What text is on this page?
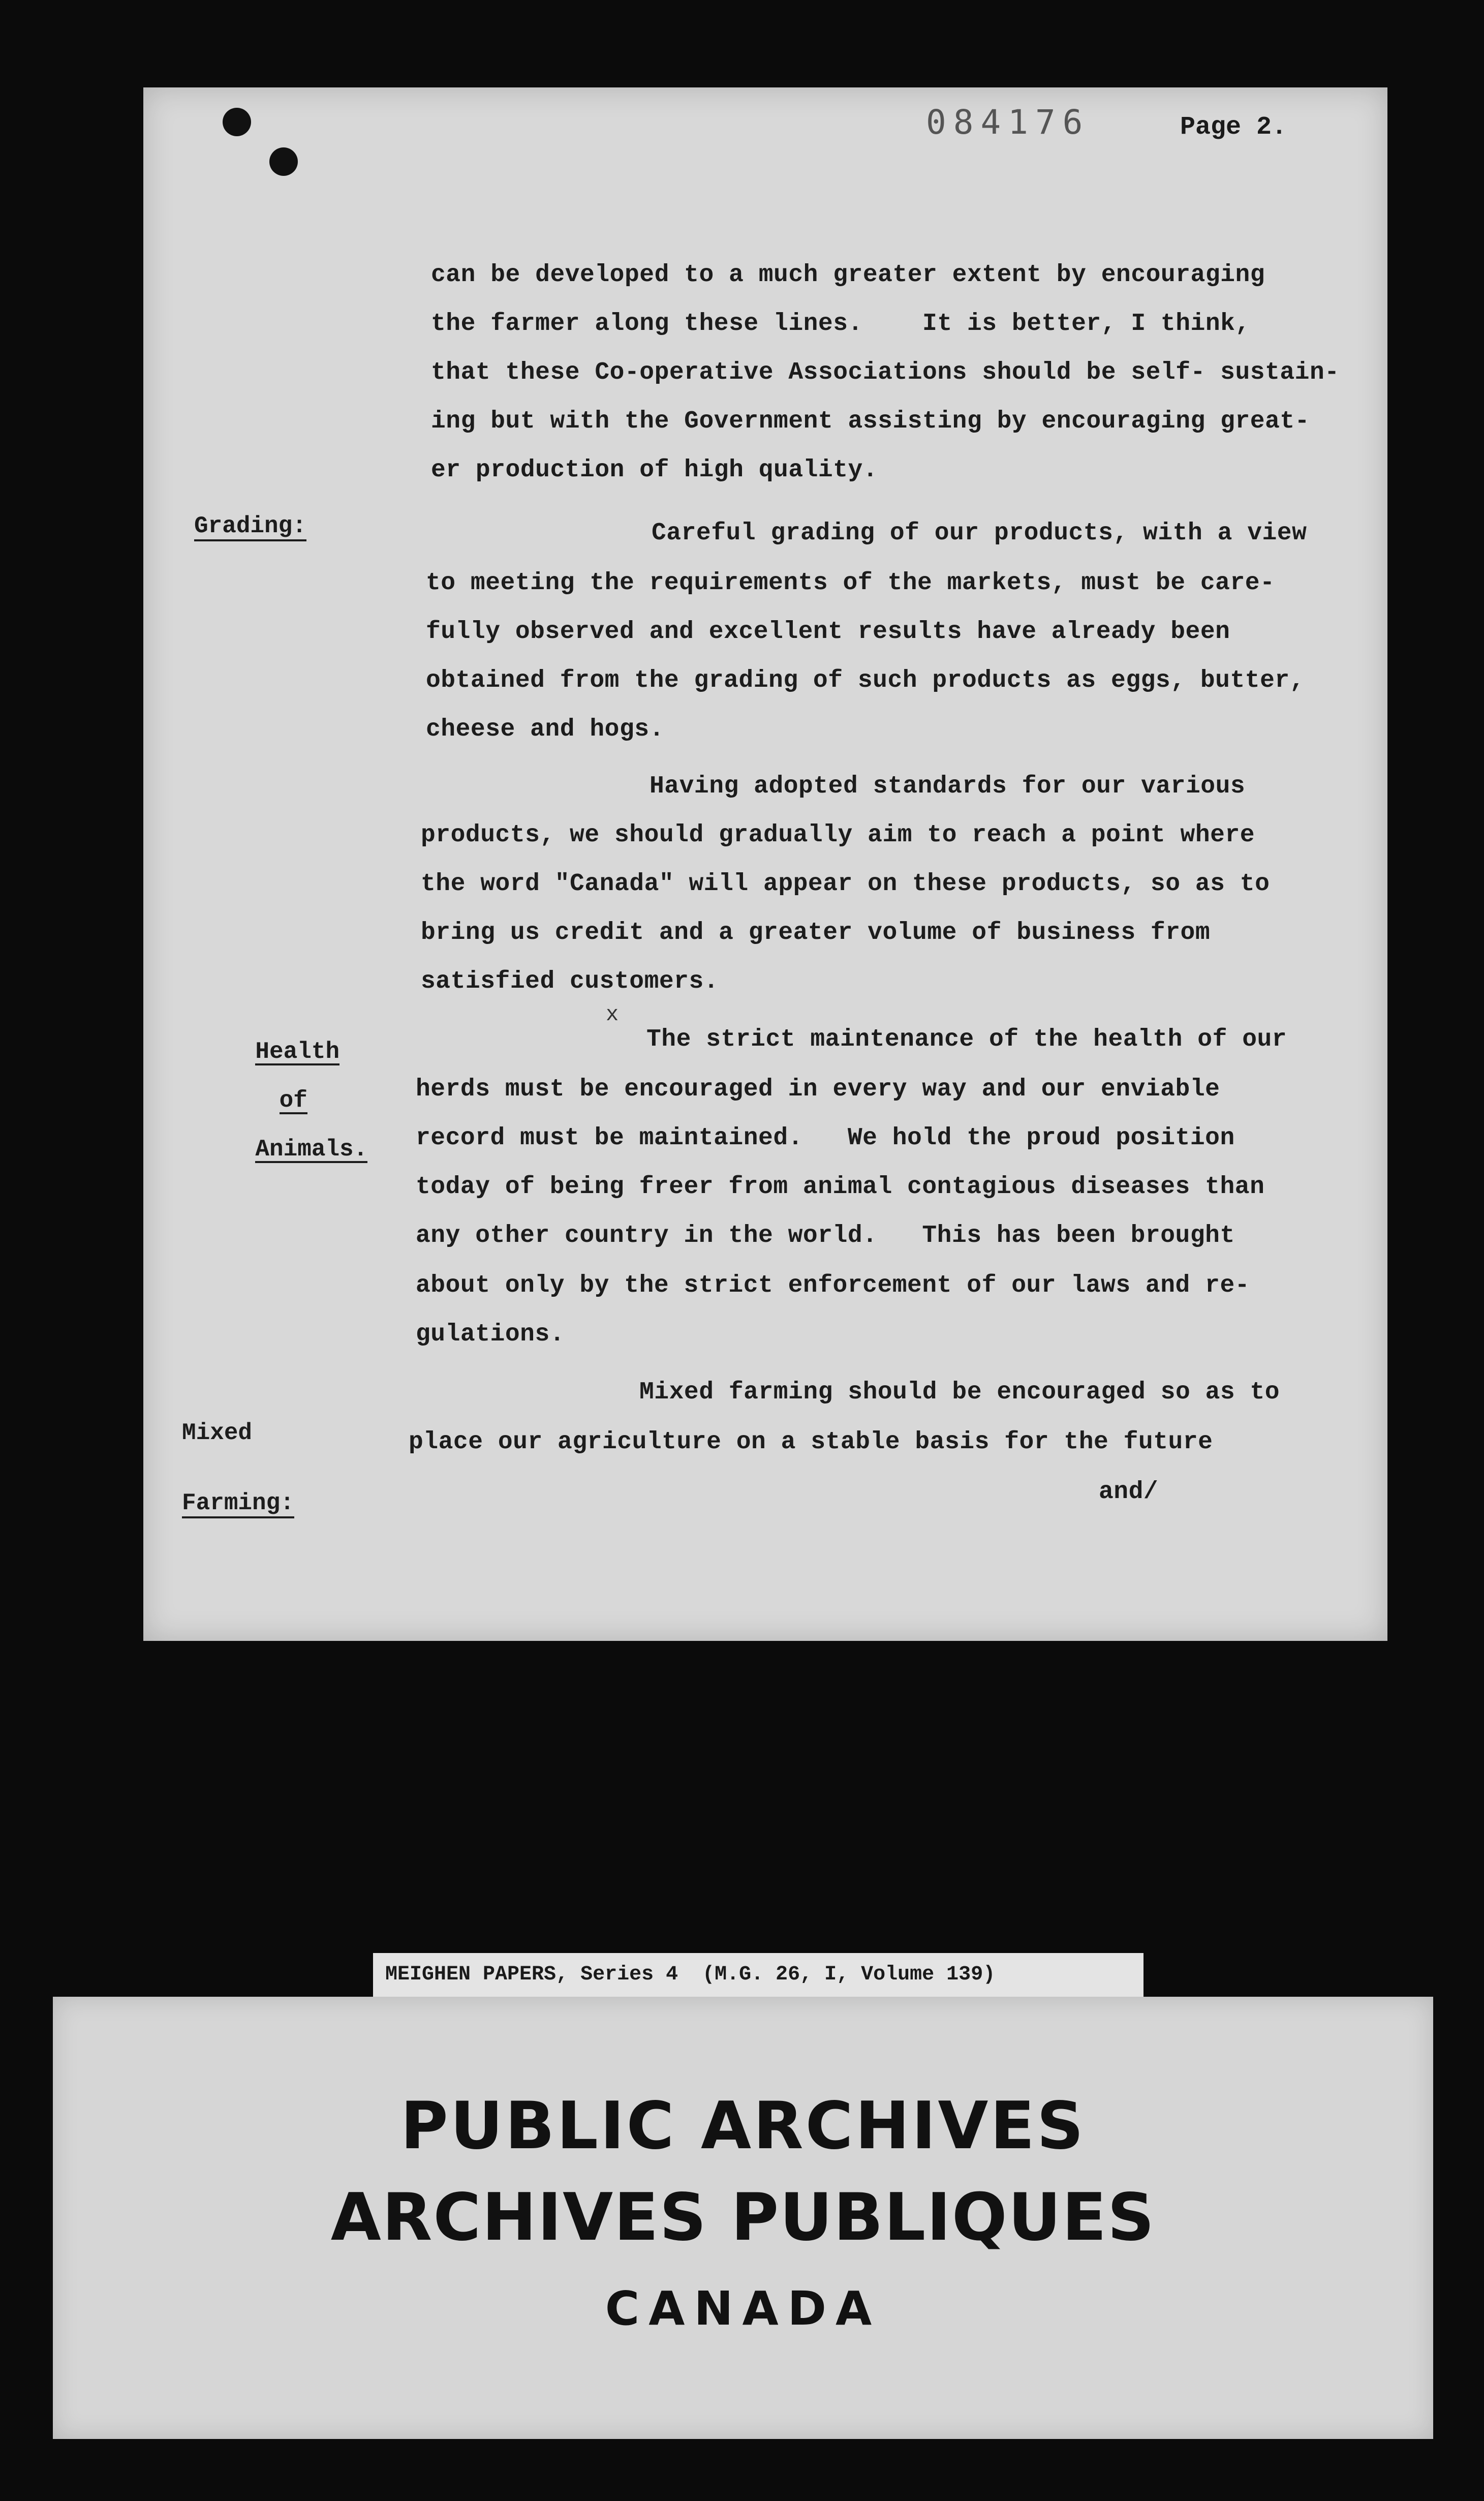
084176	Page 2.
can be developed to a much greater extent by encouraging
the farmer along these lines.    It is better, I think,
that these Co-operative Associations should be self- sustain-
ing but with the Government assisting by encouraging great-
er production of high quality.
Careful grading of our products, with a view
to meeting the requirements of the markets, must be care-
fully observed and excellent results have already been
obtained from the grading of such products as eggs, butter,
cheese and hogs.
Having adopted standards for our various
products, we should gradually aim to reach a point where
the word "Canada" will appear on these products, so as to
bring us credit and a greater volume of business from
satisfied customers.
The strict maintenance of the health of our
herds must be encouraged in every way and our enviable
record must be maintained.   We hold the proud position
today of being freer from animal contagious diseases than
any other country in the world.   This has been brought
about only by the strict enforcement of our laws and re-
gulations.
Mixed farming should be encouraged so as to
place our agriculture on a stable basis for the future
and/
x
Grading:

Health

of

Animals.

Mixed

Farming:

MEIGHEN PAPERS, Series 4  (M.G. 26, I, Volume 139)
PUBLIC ARCHIVES
ARCHIVES PUBLIQUES
CANADA
